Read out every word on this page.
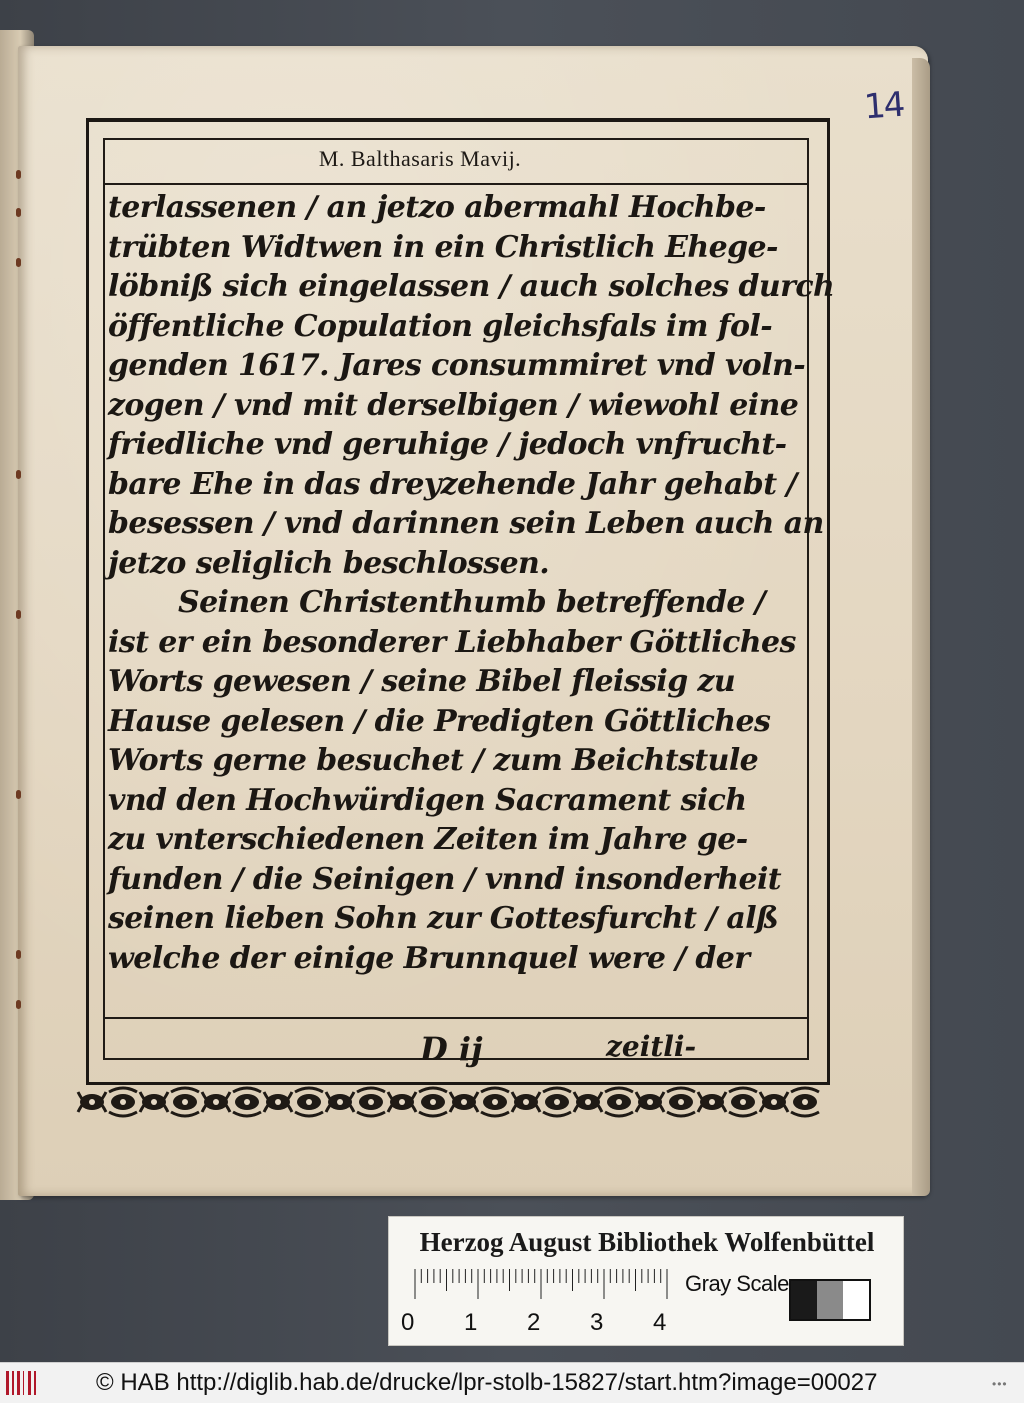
14
M. Balthasaris Mavij.
terlassenen / an jetzo abermahl Hochbe-
trübten Widtwen in ein Christlich Ehege-
löbniß sich eingelassen / auch solches durch
öffentliche Copulation gleichsfals im fol-
genden 1617. Jares consummiret vnd voln-
zogen / vnd mit derselbigen / wiewohl eine
friedliche vnd geruhige / jedoch vnfrucht-
bare Ehe in das dreyzehende Jahr gehabt /
besessen / vnd darinnen sein Leben auch an
jetzo seliglich beschlossen.
Seinen Christenthumb betreffende /
ist er ein besonderer Liebhaber Göttliches
Worts gewesen / seine Bibel fleissig zu
Hause gelesen / die Predigten Göttliches
Worts gerne besuchet / zum Beichtstule
vnd den Hochwürdigen Sacrament sich
zu vnterschiedenen Zeiten im Jahre ge-
funden / die Seinigen / vnnd insonderheit
seinen lieben Sohn zur Gottesfurcht / alß
welche der einige Brunnquel were / der
D ij	zeitli-
Herzog August Bibliothek Wolfenbüttel
0 1 2 3 4
Gray Scale
© HAB http://diglib.hab.de/drucke/lpr-stolb-15827/start.htm?image=00027	•••
